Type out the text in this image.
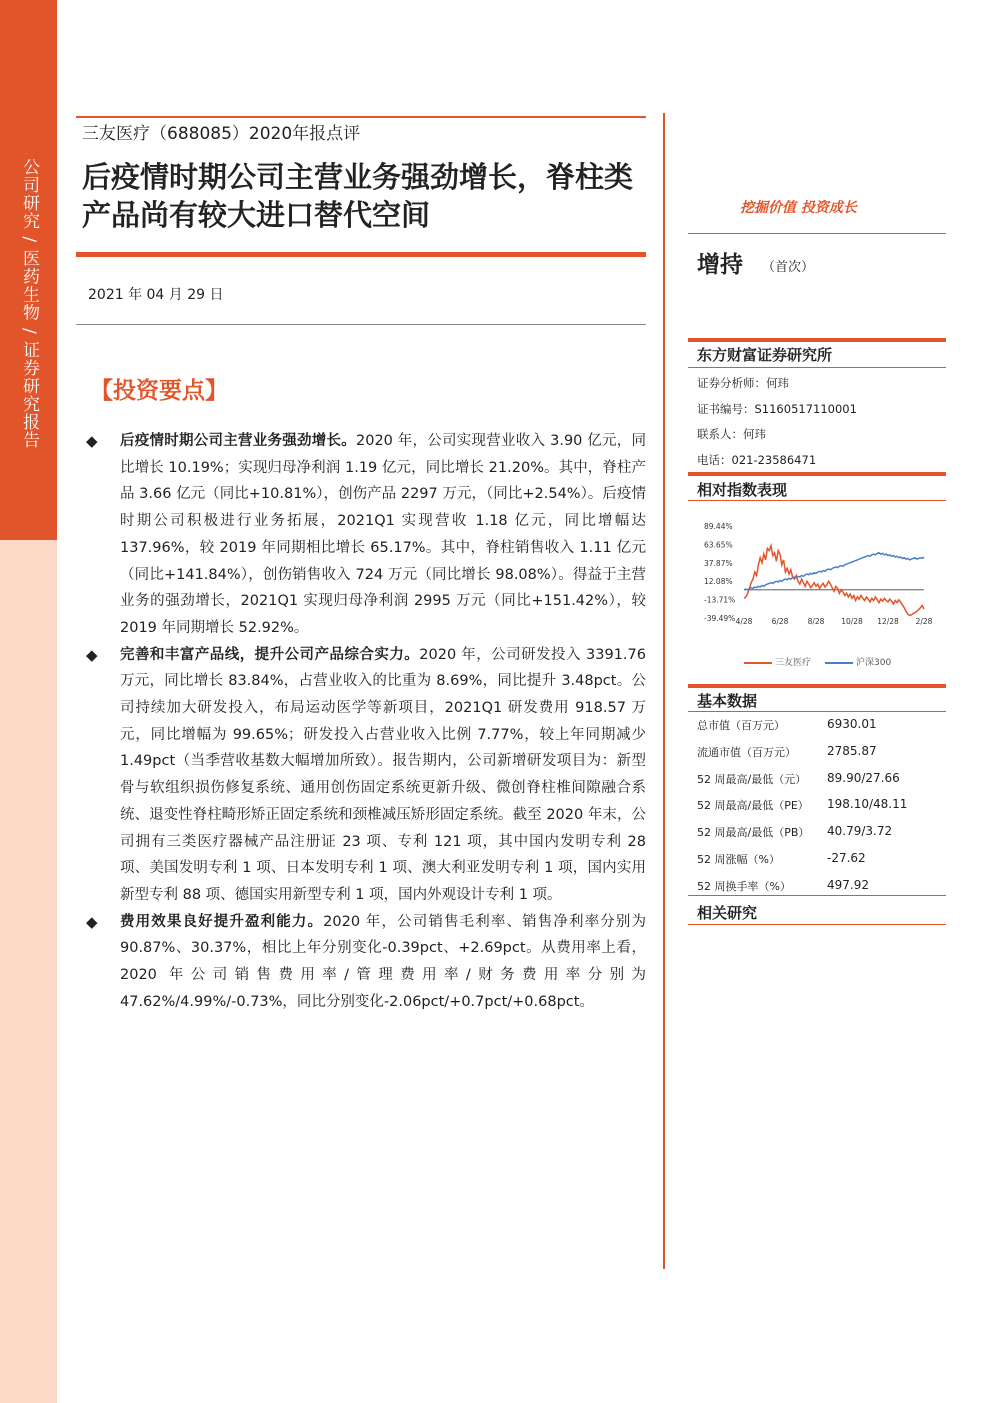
公司研究 / 医药生物 / 证券研究报告
三友医疗（688085）2020年报点评
后疫情时期公司主营业务强劲增长，脊柱类产品尚有较大进口替代空间
2021 年 04 月 29 日
【投资要点】
◆ 后疫情时期公司主营业务强劲增长。2020 年，公司实现营业收入 3.90 亿元，同比增长 10.19%；实现归母净利润 1.19 亿元，同比增长 21.20%。其中，脊柱产品 3.66 亿元（同比+10.81%），创伤产品 2297 万元，（同比+2.54%）。后疫情时期公司积极进行业务拓展，2021Q1 实现营收 1.18 亿元，同比增幅达 137.96%，较 2019 年同期相比增长 65.17%。其中，脊柱销售收入 1.11 亿元（同比+141.84%），创伤销售收入 724 万元（同比增长 98.08%）。得益于主营业务的强劲增长，2021Q1 实现归母净利润 2995 万元（同比+151.42%），较 2019 年同期增长 52.92%。
◆ 完善和丰富产品线，提升公司产品综合实力。2020 年，公司研发投入 3391.76 万元，同比增长 83.84%，占营业收入的比重为 8.69%，同比提升 3.48pct。公司持续加大研发投入，布局运动医学等新项目，2021Q1 研发费用 918.57 万元，同比增幅为 99.65%；研发投入占营业收入比例 7.77%，较上年同期减少 1.49pct（当季营收基数大幅增加所致）。报告期内，公司新增研发项目为：新型骨与软组织损伤修复系统、通用创伤固定系统更新升级、微创脊柱椎间隙融合系统、退变性脊柱畸形矫正固定系统和颈椎减压矫形固定系统。截至 2020 年末，公司拥有三类医疗器械产品注册证 23 项、专利 121 项，其中国内发明专利 28 项、美国发明专利 1 项、日本发明专利 1 项、澳大利亚发明专利 1 项，国内实用新型专利 88 项、德国实用新型专利 1 项，国内外观设计专利 1 项。
◆ 费用效果良好提升盈利能力。2020 年，公司销售毛利率、销售净利率分别为 90.87%、30.37%，相比上年分别变化-0.39pct、+2.69pct。从费用率上看，2020 年公司销售费用率/管理费用率/财务费用率分别为 47.62%/4.99%/-0.73%，同比分别变化-2.06pct/+0.7pct/+0.68pct。
挖掘价值 投资成长
增持 （首次）
东方财富证券研究所
证券分析师：何玮
证书编号：S1160517110001
联系人：何玮
电话：021-23586471
相对指数表现
89.44%
63.65%
37.87%
12.08%
-13.71%
-39.49% 4/28	6/28	8/28 10/28 12/28 2/28
三友医疗	沪深300
基本数据
总市值（百万元）	6930.01
流通市值（百万元）	2785.87
52 周最高/最低（元） 89.90/27.66
52 周最高/最低（PE） 198.10/48.11
52 周最高/最低（PB） 40.79/3.72
52 周涨幅（%）	-27.62
52 周换手率（%）	497.92
相关研究
